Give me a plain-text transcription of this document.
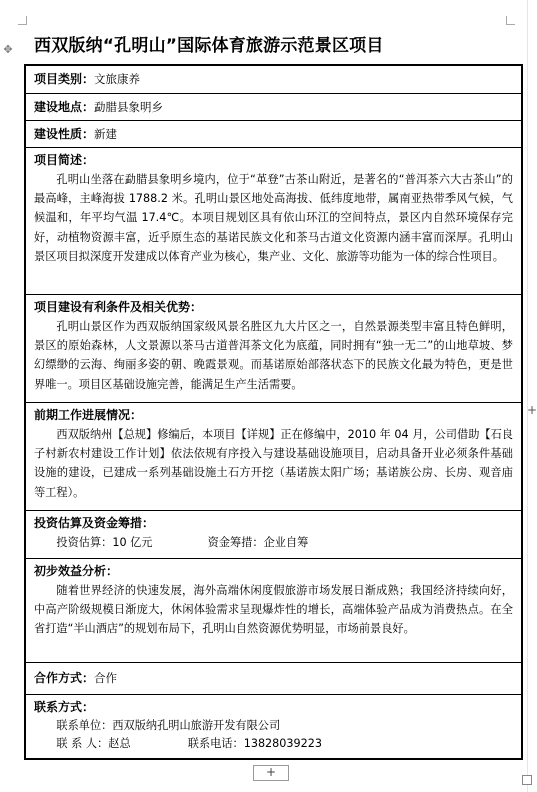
✥ 西双版纳“孔明山”国际体育旅游示范景区项目
项目类别： 文旅康养
建设地点： 勐腊县象明乡
建设性质： 新建
项目简述：

孔明山坐落在勐腊县象明乡境内，位于“革登”古茶山附近，是著名的“普洱茶六大古茶山”的最高峰，主峰海拔 1788.2 米。孔明山景区地处高海拔、低纬度地带，属南亚热带季风气候，气候温和，年平均气温 17.4℃。本项目规划区具有依山环江的空间特点，景区内自然环境保存完好，动植物资源丰富，近乎原生态的基诺民族文化和茶马古道文化资源内涵丰富而深厚。孔明山景区项目拟深度开发建成以体育产业为核心，集产业、文化、旅游等功能为一体的综合性项目。

项目建设有利条件及相关优势：

孔明山景区作为西双版纳国家级风景名胜区九大片区之一，自然景源类型丰富且特色鲜明，景区的原始森林，人文景源以茶马古道普洱茶文化为底蕴，同时拥有“独一无二”的山地草坡、梦幻缥缈的云海、绚丽多姿的朝、晚霞景观。而基诺原始部落状态下的民族文化最为特色，更是世界唯一。项目区基础设施完善，能满足生产生活需要。

前期工作进展情况：

西双版纳州【总规】修编后，本项目【详规】正在修编中，2010 年 04 月，公司借助【石良子村新农村建设工作计划】依法依规有序投入与建设基础设施项目，启动具备开业必须条件基础设施的建设，已建成一系列基础设施土石方开挖（基诺族太阳广场；基诺族公房、长房、观音庙等工程）。

投资估算及资金筹措：
投资估算：10 亿元	资金筹措：企业自筹
初步效益分析：

随着世界经济的快速发展，海外高端休闲度假旅游市场发展日渐成熟；我国经济持续向好，中高产阶级规模日渐庞大，休闲体验需求呈现爆炸性的增长，高端体验产品成为消费热点。在全省打造“半山酒店”的规划布局下，孔明山自然资源优势明显，市场前景良好。

合作方式： 合作
联系方式：
联系单位：西双版纳孔明山旅游开发有限公司
联 系 人：赵总	联系电话：13828039223
+
+
